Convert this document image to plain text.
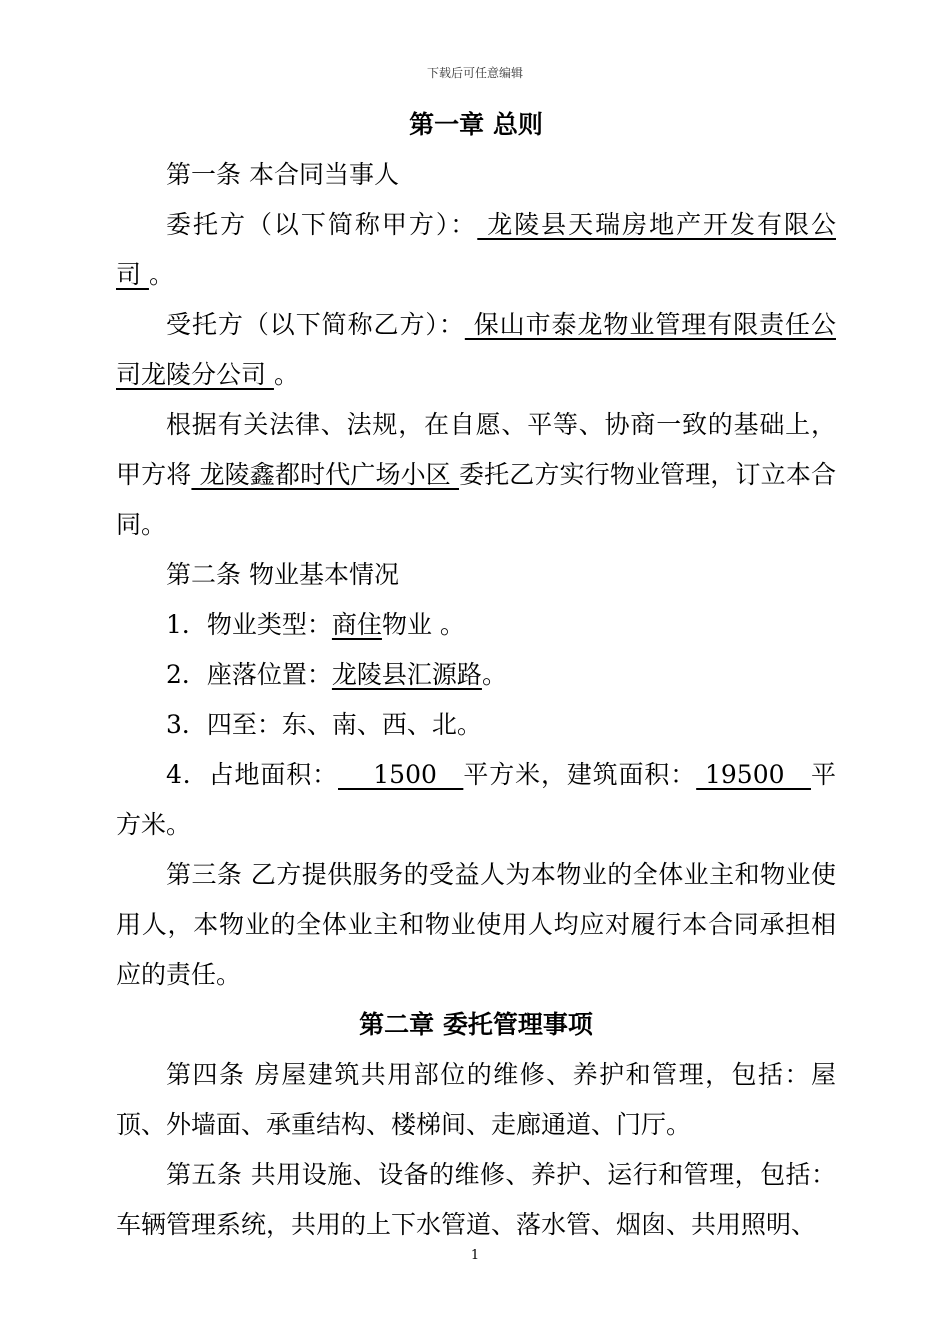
下载后可任意编辑

第一章 总则

第一条 本合同当事人

委托方（以下简称甲方）： 龙陵县天瑞房地产开发有限公司 。

受托方（以下简称乙方）： 保山市泰龙物业管理有限责任公司龙陵分公司 。

根据有关法律、法规，在自愿、平等、协商一致的基础上，甲方将 龙陵鑫都时代广场小区 委托乙方实行物业管理，订立本合同。

第二条 物业基本情况

1．物业类型：商住物业 。

2．座落位置：龙陵县汇源路。

3．四至：东、南、西、北。

4．占地面积：    1500   平方米，建筑面积： 19500   平方米。

第三条 乙方提供服务的受益人为本物业的全体业主和物业使用人，本物业的全体业主和物业使用人均应对履行本合同承担相应的责任。

第二章 委托管理事项

第四条 房屋建筑共用部位的维修、养护和管理，包括：屋顶、外墙面、承重结构、楼梯间、走廊通道、门厅。

第五条 共用设施、设备的维修、养护、运行和管理，包括：车辆管理系统，共用的上下水管道、落水管、烟囱、共用照明、

1
